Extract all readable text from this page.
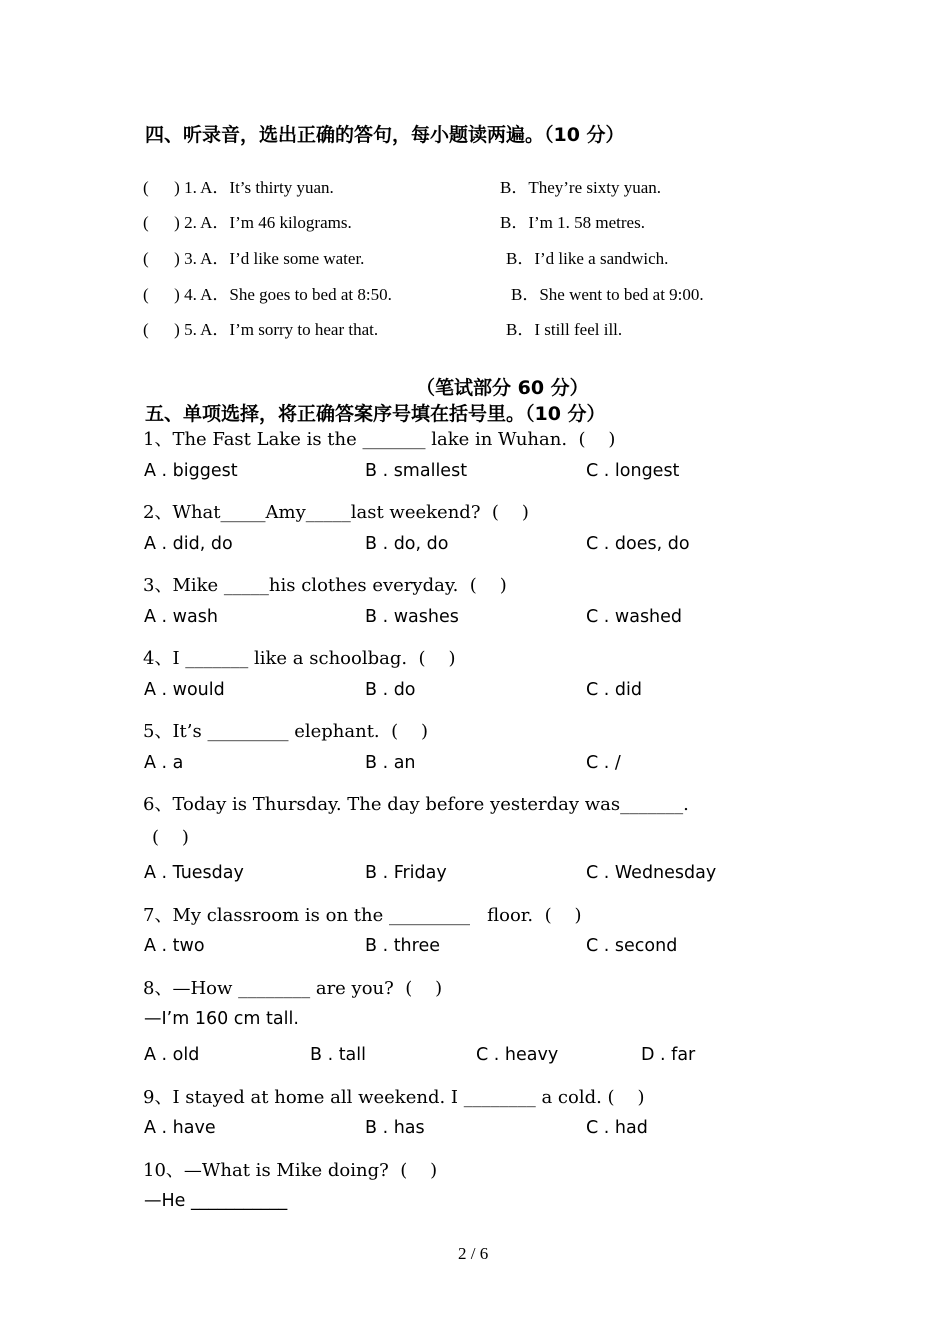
四、听录音，选出正确的答句，每小题读两遍。（10 分）
(      ) 1. A．It’s thirty yuan.	B．They’re sixty yuan.
(      ) 2. A．I’m 46 kilograms.	B．I’m 1. 58 metres.
(      ) 3. A．I’d like some water.	B．I’d like a sandwich.
(      ) 4. A．She goes to bed at 8:50.	B．She went to bed at 9:00.
(      ) 5. A．I’m sorry to hear that.	B．I still feel ill.
（笔试部分 60 分）
五、单项选择，将正确答案序号填在括号里。（10 分）
1、The Fast Lake is the _______ lake in Wuhan.  (    )
A . biggest	B . smallest	C . longest
2、What_____Amy_____last weekend?  (    )
A . did, do	B . do, do	C . does, do
3、Mike _____his clothes everyday.  (    )
A . wash	B . washes	C . washed
4、I _______ like a schoolbag.  (    )
A . would	B . do	C . did
5、It’s _________ elephant.  (    )
A . a	B . an	C . /
6、Today is Thursday. The day before yesterday was_______.
(    )
A . Tuesday	B . Friday	C . Wednesday
7、My classroom is on the _________   floor.  (    )
A . two	B . three	C . second
8、—How ________ are you?  (    )
—I’m 160 cm tall.
A . old	B . tall	C . heavy	D . far
9、I stayed at home all weekend. I ________ a cold. (    )
A . have	B . has	C . had
10、—What is Mike doing?  (    )
—He ___________
2 / 6
